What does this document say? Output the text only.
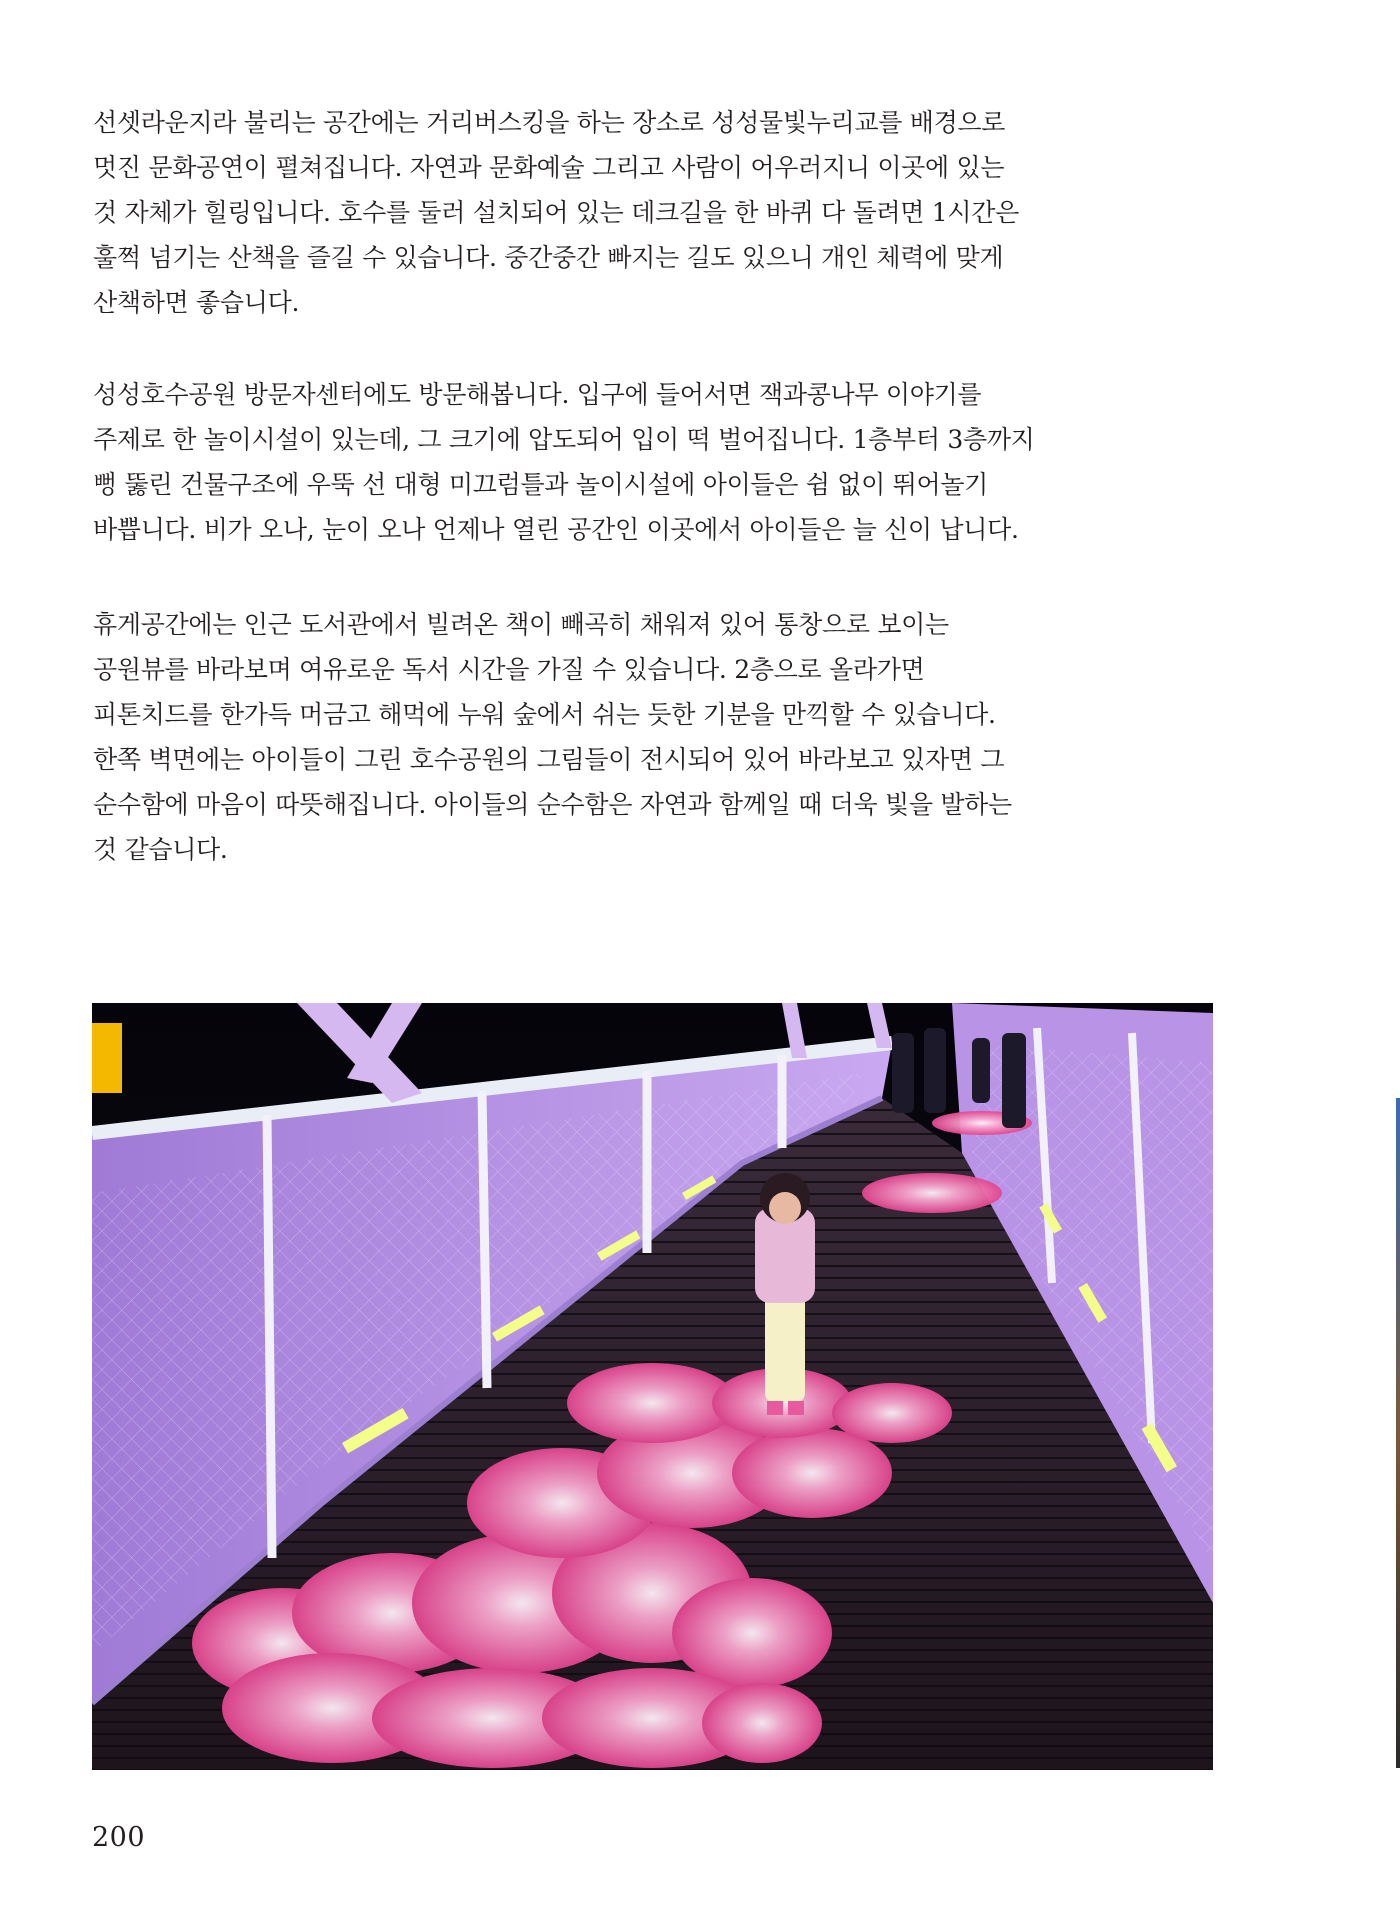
선셋라운지라 불리는 공간에는 거리버스킹을 하는 장소로 성성물빛누리교를 배경으로
멋진 문화공연이 펼쳐집니다. 자연과 문화예술 그리고 사람이 어우러지니 이곳에 있는
것 자체가 힐링입니다. 호수를 둘러 설치되어 있는 데크길을 한 바퀴 다 돌려면 1시간은
훌쩍 넘기는 산책을 즐길 수 있습니다. 중간중간 빠지는 길도 있으니 개인 체력에 맞게
산책하면 좋습니다.

성성호수공원 방문자센터에도 방문해봅니다. 입구에 들어서면 잭과콩나무 이야기를
주제로 한 놀이시설이 있는데, 그 크기에 압도되어 입이 떡 벌어집니다. 1층부터 3층까지
뻥 뚫린 건물구조에 우뚝 선 대형 미끄럼틀과 놀이시설에 아이들은 쉼 없이 뛰어놀기
바쁩니다. 비가 오나, 눈이 오나 언제나 열린 공간인 이곳에서 아이들은 늘 신이 납니다.

휴게공간에는 인근 도서관에서 빌려온 책이 빼곡히 채워져 있어 통창으로 보이는
공원뷰를 바라보며 여유로운 독서 시간을 가질 수 있습니다. 2층으로 올라가면
피톤치드를 한가득 머금고 해먹에 누워 숲에서 쉬는 듯한 기분을 만끽할 수 있습니다.
한쪽 벽면에는 아이들이 그린 호수공원의 그림들이 전시되어 있어 바라보고 있자면 그
순수함에 마음이 따뜻해집니다. 아이들의 순수함은 자연과 함께일 때 더욱 빛을 발하는
것 같습니다.

200
